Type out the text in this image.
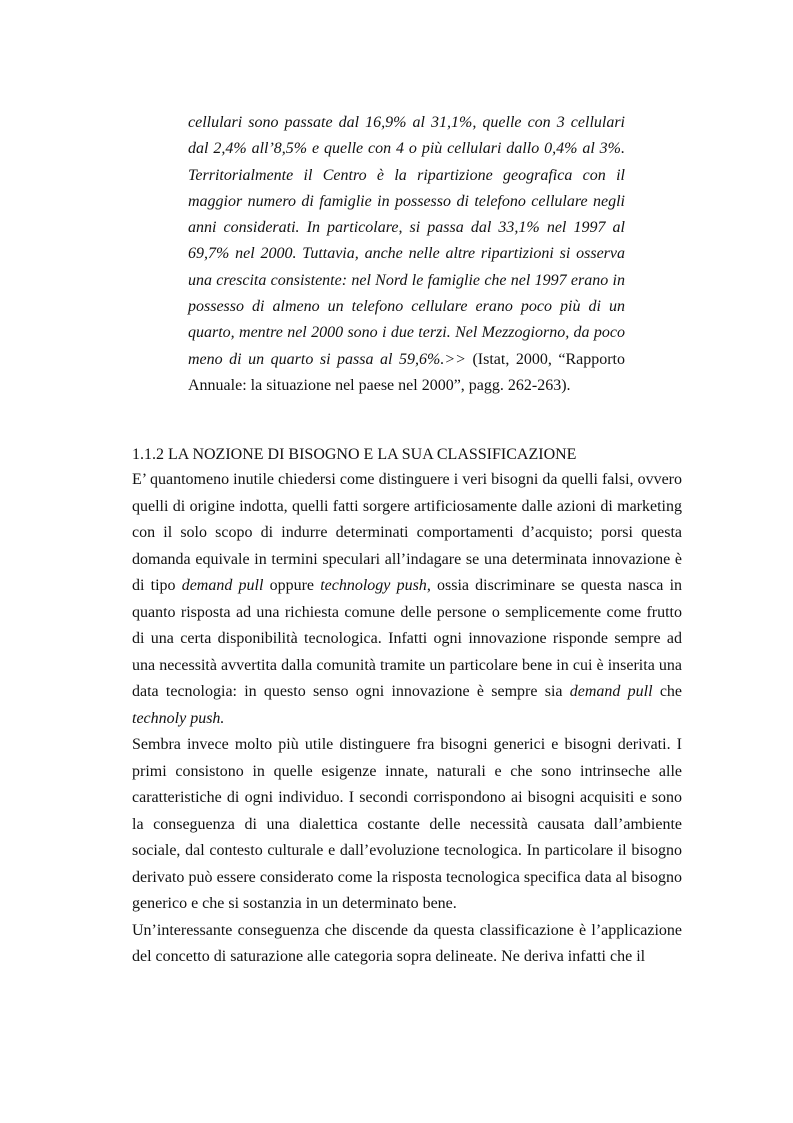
cellulari sono passate dal 16,9% al 31,1%, quelle con 3 cellulari dal 2,4% all’8,5% e quelle con 4 o più cellulari dallo 0,4% al 3%. Territorialmente il Centro è la ripartizione geografica con il maggior numero di famiglie in possesso di telefono cellulare negli anni considerati. In particolare, si passa dal 33,1% nel 1997 al 69,7% nel 2000. Tuttavia, anche nelle altre ripartizioni si osserva una crescita consistente: nel Nord le famiglie che nel 1997 erano in possesso di almeno un telefono cellulare erano poco più di un quarto, mentre nel 2000 sono i due terzi. Nel Mezzogiorno, da poco meno di un quarto si passa al 59,6%.>> (Istat, 2000, “Rapporto Annuale: la situazione nel paese nel 2000”, pagg. 262-263).
1.1.2 LA NOZIONE DI BISOGNO E LA SUA CLASSIFICAZIONE

E’ quantomeno inutile chiedersi come distinguere i veri bisogni da quelli falsi, ovvero quelli di origine indotta, quelli fatti sorgere artificiosamente dalle azioni di marketing con il solo scopo di indurre determinati comportamenti d’acquisto; porsi questa domanda equivale in termini speculari all’indagare se una determinata innovazione è di tipo demand pull oppure technology push, ossia discriminare se questa nasca in quanto risposta ad una richiesta comune delle persone o semplicemente come frutto di una certa disponibilità tecnologica. Infatti ogni innovazione risponde sempre ad una necessità avvertita dalla comunità tramite un particolare bene in cui è inserita una data tecnologia: in questo senso ogni innovazione è sempre sia demand pull che technoly push.

Sembra invece molto più utile distinguere fra bisogni generici e bisogni derivati. I primi consistono in quelle esigenze innate, naturali e che sono intrinseche alle caratteristiche di ogni individuo. I secondi corrispondono ai bisogni acquisiti e sono la conseguenza di una dialettica costante delle necessità causata dall’ambiente sociale, dal contesto culturale e dall’evoluzione tecnologica. In particolare il bisogno derivato può essere considerato come la risposta tecnologica specifica data al bisogno generico e che si sostanzia in un determinato bene.

Un’interessante conseguenza che discende da questa classificazione è l’applicazione del concetto di saturazione alle categoria sopra delineate. Ne deriva infatti che il
